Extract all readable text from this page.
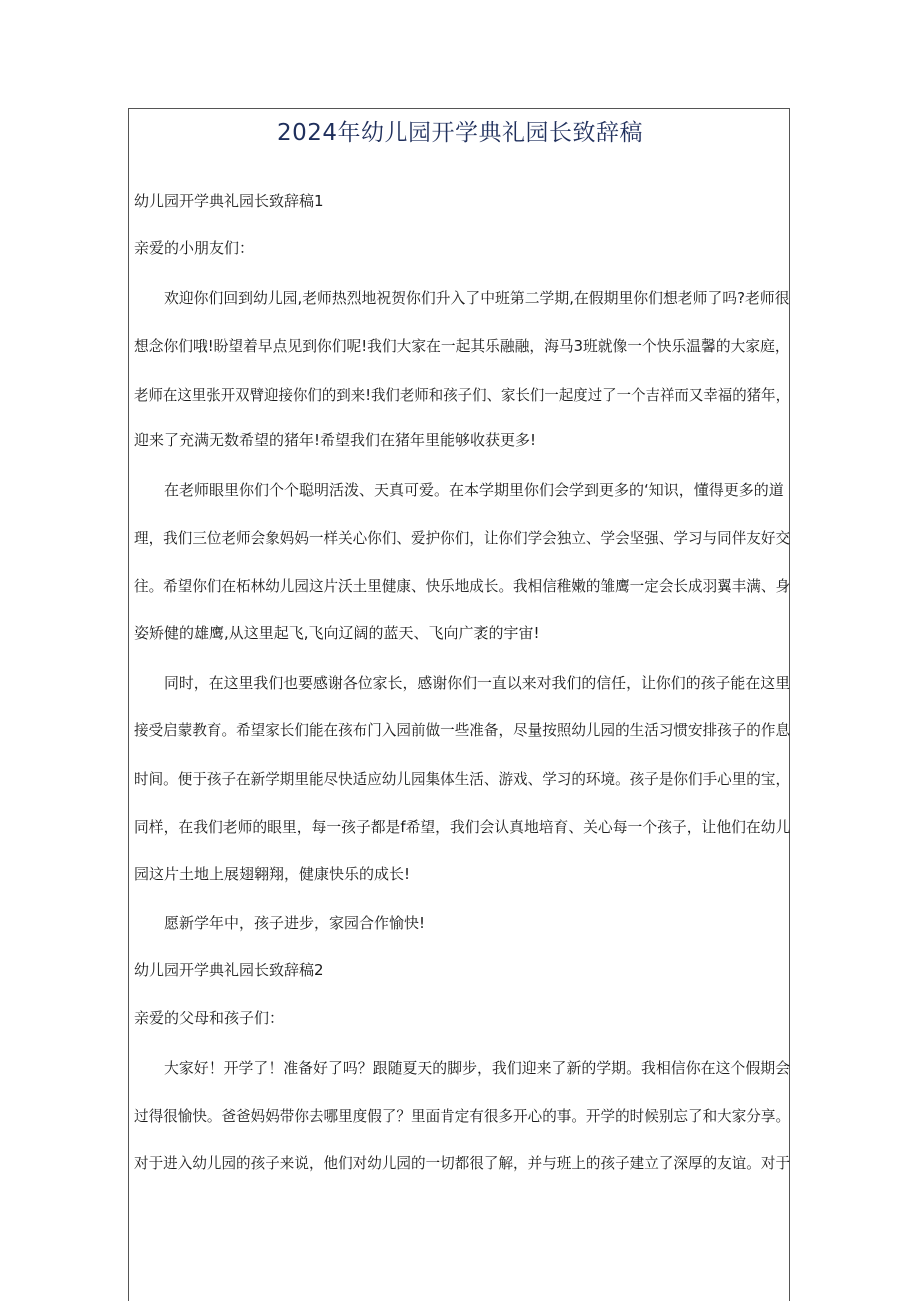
2024年幼儿园开学典礼园长致辞稿
幼儿园开学典礼园长致辞稿1
亲爱的小朋友们：
欢迎你们回到幼儿园,老师热烈地祝贺你们升入了中班第二学期,在假期里你们想老师了吗?老师很
想念你们哦!盼望着早点见到你们呢!我们大家在一起其乐融融，海马3班就像一个快乐温馨的大家庭，
老师在这里张开双臂迎接你们的到来!我们老师和孩子们、家长们一起度过了一个吉祥而又幸福的猪年，
迎来了充满无数希望的猪年!希望我们在猪年里能够收获更多!
在老师眼里你们个个聪明活泼、天真可爱。在本学期里你们会学到更多的‘知识，懂得更多的道
理，我们三位老师会象妈妈一样关心你们、爱护你们，让你们学会独立、学会坚强、学习与同伴友好交
往。希望你们在柘林幼儿园这片沃土里健康、快乐地成长。我相信稚嫩的雏鹰一定会长成羽翼丰满、身
姿矫健的雄鹰,从这里起飞,飞向辽阔的蓝天、飞向广袤的宇宙!
同时，在这里我们也要感谢各位家长，感谢你们一直以来对我们的信任，让你们的孩子能在这里
接受启蒙教育。希望家长们能在孩布门入园前做一些准备，尽量按照幼儿园的生活习惯安排孩子的作息
时间。便于孩子在新学期里能尽快适应幼儿园集体生活、游戏、学习的环境。孩子是你们手心里的宝，
同样，在我们老师的眼里，每一孩子都是f希望，我们会认真地培育、关心每一个孩子，让他们在幼儿
园这片土地上展翅翱翔，健康快乐的成长!
愿新学年中，孩子进步，家园合作愉快!
幼儿园开学典礼园长致辞稿2
亲爱的父母和孩子们：
大家好！开学了！准备好了吗？跟随夏天的脚步，我们迎来了新的学期。我相信你在这个假期会
过得很愉快。爸爸妈妈带你去哪里度假了？里面肯定有很多开心的事。开学的时候别忘了和大家分享。
对于进入幼儿园的孩子来说，他们对幼儿园的一切都很了解，并与班上的孩子建立了深厚的友谊。对于
